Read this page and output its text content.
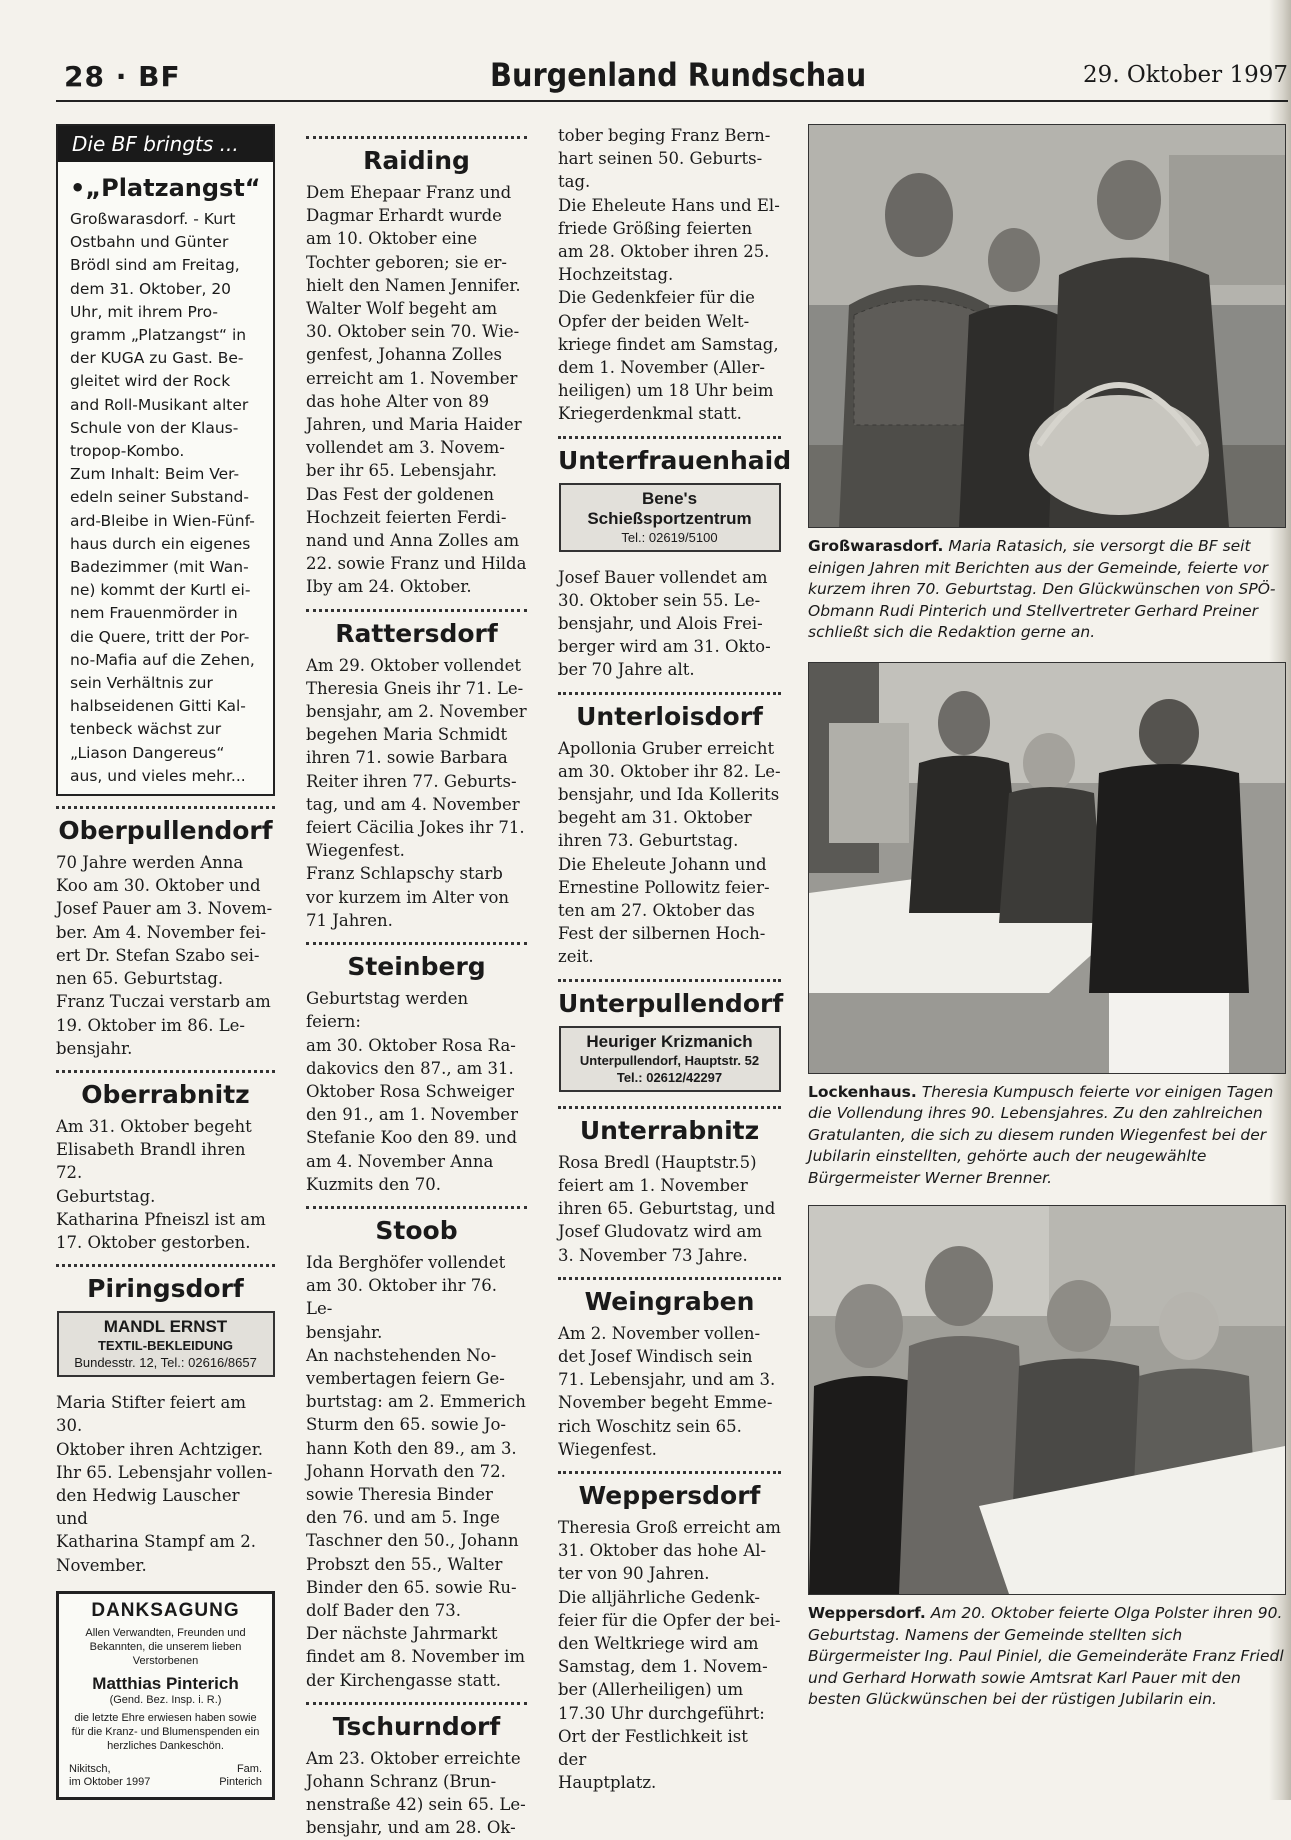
28 · BF	Burgenland Rundschau	29. Oktober 1997
Die BF bringts ...
•„Platzangst“
Großwarasdorf. - Kurt
Ostbahn und Günter
Brödl sind am Freitag,
dem 31. Oktober, 20
Uhr, mit ihrem Pro-
gramm „Platzangst“ in
der KUGA zu Gast. Be-
gleitet wird der Rock
and Roll-Musikant alter
Schule von der Klaus-
tropop-Kombo.
Zum Inhalt: Beim Ver-
edeln seiner Substand-
ard-Bleibe in Wien-Fünf-
haus durch ein eigenes
Badezimmer (mit Wan-
ne) kommt der Kurtl ei-
nem Frauenmörder in
die Quere, tritt der Por-
no-Mafia auf die Zehen,
sein Verhältnis zur
halbseidenen Gitti Kal-
tenbeck wächst zur
„Liason Dangereus“
aus, und vieles mehr...
Oberpullendorf
70 Jahre werden Anna
Koo am 30. Oktober und
Josef Pauer am 3. Novem-
ber. Am 4. November fei-
ert Dr. Stefan Szabo sei-
nen 65. Geburtstag.
Franz Tuczai verstarb am
19. Oktober im 86. Le-
bensjahr.
Oberrabnitz
Am 31. Oktober begeht
Elisabeth Brandl ihren 72.
Geburtstag.
Katharina Pfneiszl ist am
17. Oktober gestorben.
Piringsdorf
MANDL ERNST
TEXTIL-BEKLEIDUNG
Bundesstr. 12, Tel.: 02616/8657
Maria Stifter feiert am 30.
Oktober ihren Achtziger.
Ihr 65. Lebensjahr vollen-
den Hedwig Lauscher und
Katharina Stampf am 2.
November.
DANKSAGUNG
Allen Verwandten, Freunden und Bekannten, die unserem lieben Verstorbenen
Matthias Pinterich
(Gend. Bez. Insp. i. R.)
die letzte Ehre erwiesen haben sowie für die Kranz- und Blumenspenden ein herzliches Dankeschön.
Nikitsch,
im Oktober 1997
Fam.
Pinterich
Raiding
Dem Ehepaar Franz und
Dagmar Erhardt wurde
am 10. Oktober eine
Tochter geboren; sie er-
hielt den Namen Jennifer.
Walter Wolf begeht am
30. Oktober sein 70. Wie-
genfest, Johanna Zolles
erreicht am 1. November
das hohe Alter von 89
Jahren, und Maria Haider
vollendet am 3. Novem-
ber ihr 65. Lebensjahr.
Das Fest der goldenen
Hochzeit feierten Ferdi-
nand und Anna Zolles am
22. sowie Franz und Hilda
Iby am 24. Oktober.
Rattersdorf
Am 29. Oktober vollendet
Theresia Gneis ihr 71. Le-
bensjahr, am 2. November
begehen Maria Schmidt
ihren 71. sowie Barbara
Reiter ihren 77. Geburts-
tag, und am 4. November
feiert Cäcilia Jokes ihr 71.
Wiegenfest.
Franz Schlapschy starb
vor kurzem im Alter von
71 Jahren.
Steinberg
Geburtstag werden feiern:
am 30. Oktober Rosa Ra-
dakovics den 87., am 31.
Oktober Rosa Schweiger
den 91., am 1. November
Stefanie Koo den 89. und
am 4. November Anna
Kuzmits den 70.
Stoob
Ida Berghöfer vollendet
am 30. Oktober ihr 76. Le-
bensjahr.
An nachstehenden No-
vembertagen feiern Ge-
burtstag: am 2. Emmerich
Sturm den 65. sowie Jo-
hann Koth den 89., am 3.
Johann Horvath den 72.
sowie Theresia Binder
den 76. und am 5. Inge
Taschner den 50., Johann
Probszt den 55., Walter
Binder den 65. sowie Ru-
dolf Bader den 73.
Der nächste Jahrmarkt
findet am 8. November im
der Kirchengasse statt.
Tschurndorf
Am 23. Oktober erreichte
Johann Schranz (Brun-
nenstraße 42) sein 65. Le-
bensjahr, und am 28. Ok-
tober beging Franz Bern-
hart seinen 50. Geburts-
tag.
Die Eheleute Hans und El-
friede Größing feierten
am 28. Oktober ihren 25.
Hochzeitstag.
Die Gedenkfeier für die
Opfer der beiden Welt-
kriege findet am Samstag,
dem 1. November (Aller-
heiligen) um 18 Uhr beim
Kriegerdenkmal statt.
Unterfrauenhaid
Bene's
Schießsportzentrum
Tel.: 02619/5100
Josef Bauer vollendet am
30. Oktober sein 55. Le-
bensjahr, und Alois Frei-
berger wird am 31. Okto-
ber 70 Jahre alt.
Unterloisdorf
Apollonia Gruber erreicht
am 30. Oktober ihr 82. Le-
bensjahr, und Ida Kollerits
begeht am 31. Oktober
ihren 73. Geburtstag.
Die Eheleute Johann und
Ernestine Pollowitz feier-
ten am 27. Oktober das
Fest der silbernen Hoch-
zeit.
Unterpullendorf
Heuriger Krizmanich
Unterpullendorf, Hauptstr. 52
Tel.: 02612/42297
Unterrabnitz
Rosa Bredl (Hauptstr.5)
feiert am 1. November
ihren 65. Geburtstag, und
Josef Gludovatz wird am
3. November 73 Jahre.
Weingraben
Am 2. November vollen-
det Josef Windisch sein
71. Lebensjahr, und am 3.
November begeht Emme-
rich Woschitz sein 65.
Wiegenfest.
Weppersdorf
Theresia Groß erreicht am
31. Oktober das hohe Al-
ter von 90 Jahren.
Die alljährliche Gedenk-
feier für die Opfer der bei-
den Weltkriege wird am
Samstag, dem 1. Novem-
ber (Allerheiligen) um
17.30 Uhr durchgeführt:
Ort der Festlichkeit ist der
Hauptplatz.
Großwarasdorf. Maria Ratasich, sie versorgt die BF seit einigen Jahren mit Berichten aus der Gemeinde, feierte vor kurzem ihren 70. Geburtstag. Den Glückwünschen von SPÖ-Obmann Rudi Pinterich und Stellvertreter Gerhard Preiner schließt sich die Redaktion gerne an.
Lockenhaus. Theresia Kumpusch feierte vor einigen Tagen die Vollendung ihres 90. Lebensjahres. Zu den zahlreichen Gratulanten, die sich zu diesem runden Wiegenfest bei der Jubilarin einstellten, gehörte auch der neugewählte Bürgermeister Werner Brenner.
Weppersdorf. Am 20. Oktober feierte Olga Polster ihren 90. Geburtstag. Namens der Gemeinde stellten sich Bürgermeister Ing. Paul Piniel, die Gemeinderäte Franz Friedl und Gerhard Horwath sowie Amtsrat Karl Pauer mit den besten Glückwünschen bei der rüstigen Jubilarin ein.
